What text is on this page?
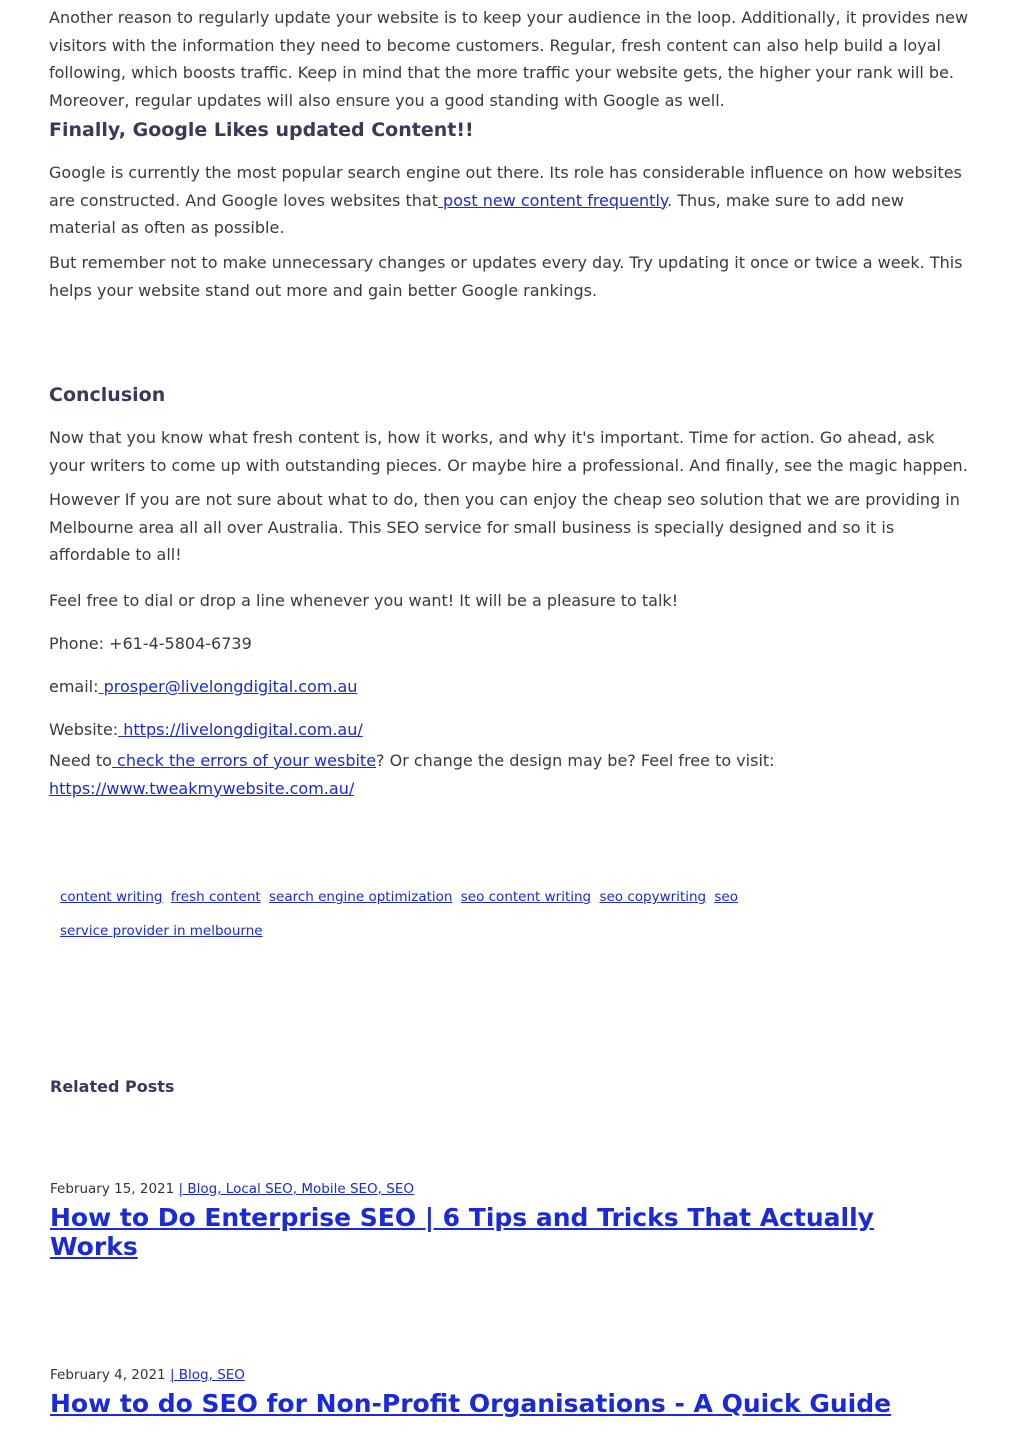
Another reason to regularly update your website is to keep your audience in the loop. Additionally, it provides new visitors with the information they need to become customers. Regular, fresh content can also help build a loyal following, which boosts traffic. Keep in mind that the more traffic your website gets, the higher your rank will be. Moreover, regular updates will also ensure you a good standing with Google as well.

Finally, Google Likes updated Content!!

Google is currently the most popular search engine out there. Its role has considerable influence on how websites are constructed. And Google loves websites that post new content frequently. Thus, make sure to add new material as often as possible.

But remember not to make unnecessary changes or updates every day. Try updating it once or twice a week. This helps your website stand out more and gain better Google rankings.

Conclusion

Now that you know what fresh content is, how it works, and why it's important. Time for action. Go ahead, ask your writers to come up with outstanding pieces. Or maybe hire a professional. And finally, see the magic happen.

However If you are not sure about what to do, then you can enjoy the cheap seo solution that we are providing in Melbourne area all all over Australia. This SEO service for small business is specially designed and so it is affordable to all!

Feel free to dial or drop a line whenever you want! It will be a pleasure to talk!

Phone: +61-4-5804-6739

email: prosper@livelongdigital.com.au

Website: https://livelongdigital.com.au/

Need to check the errors of your wesbite? Or change the design may be? Feel free to visit:
https://www.tweakmywebsite.com.au/

content writing fresh content search engine optimization seo content writing seo copywriting seo service provider in melbourne
Related Posts
February 15, 2021 | Blog, Local SEO, Mobile SEO, SEO
How to Do Enterprise SEO | 6 Tips and Tricks That Actually Works
February 4, 2021 | Blog, SEO
How to do SEO for Non-Profit Organisations - A Quick Guide
